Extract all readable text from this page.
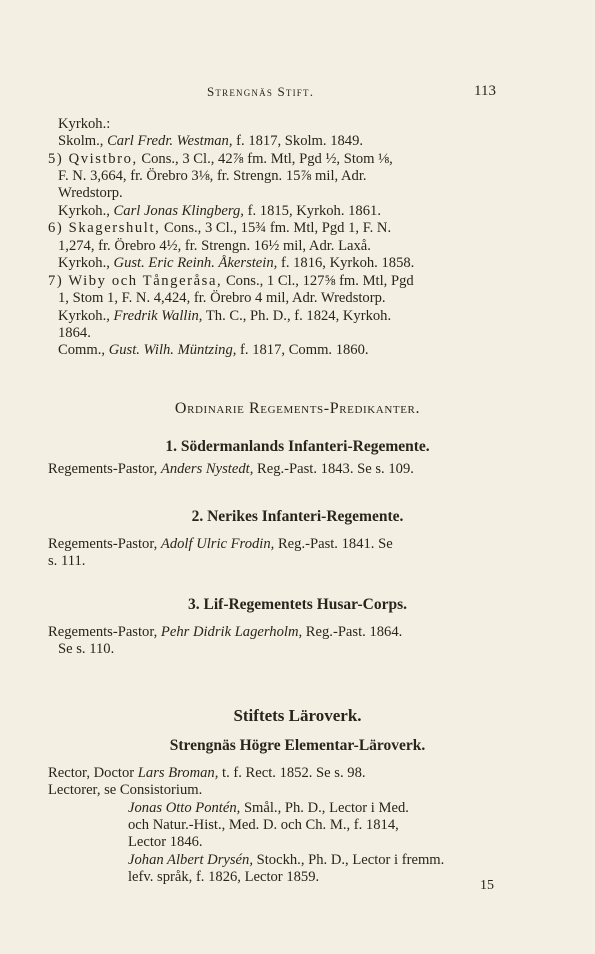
Strengnäs Stift.	113
Kyrkoh.:
Skolm., Carl Fredr. Westman, f. 1817, Skolm. 1849.
5) Qvistbro, Cons., 3 Cl., 42⅞ fm. Mtl, Pgd ½, Stom ⅛,
F. N. 3,664, fr. Örebro 3⅛, fr. Strengn. 15⅞ mil, Adr.
Wredstorp.
Kyrkoh., Carl Jonas Klingberg, f. 1815, Kyrkoh. 1861.
6) Skagershult, Cons., 3 Cl., 15¾ fm. Mtl, Pgd 1, F. N.
1,274, fr. Örebro 4½, fr. Strengn. 16½ mil, Adr. Laxå.
Kyrkoh., Gust. Eric Reinh. Åkerstein, f. 1816, Kyrkoh. 1858.
7) Wiby och Tångeråsa, Cons., 1 Cl., 127⅝ fm. Mtl, Pgd
1, Stom 1, F. N. 4,424, fr. Örebro 4 mil, Adr. Wredstorp.
Kyrkoh., Fredrik Wallin, Th. C., Ph. D., f. 1824, Kyrkoh.
1864.
Comm., Gust. Wilh. Müntzing, f. 1817, Comm. 1860.
Ordinarie Regements-Predikanter.
1. Södermanlands Infanteri-Regemente.
Regements-Pastor, Anders Nystedt, Reg.-Past. 1843. Se s. 109.
2. Nerikes Infanteri-Regemente.
Regements-Pastor, Adolf Ulric Frodin, Reg.-Past. 1841. Se
s. 111.
3. Lif-Regementets Husar-Corps.
Regements-Pastor, Pehr Didrik Lagerholm, Reg.-Past. 1864.
Se s. 110.
Stiftets Läroverk.
Strengnäs Högre Elementar-Läroverk.
Rector, Doctor Lars Broman, t. f. Rect. 1852. Se s. 98.
Lectorer, se Consistorium.
Jonas Otto Pontén, Smål., Ph. D., Lector i Med.
och Natur.-Hist., Med. D. och Ch. M., f. 1814,
Lector 1846.
Johan Albert Drysén, Stockh., Ph. D., Lector i fremm.
lefv. språk, f. 1826, Lector 1859.
15
